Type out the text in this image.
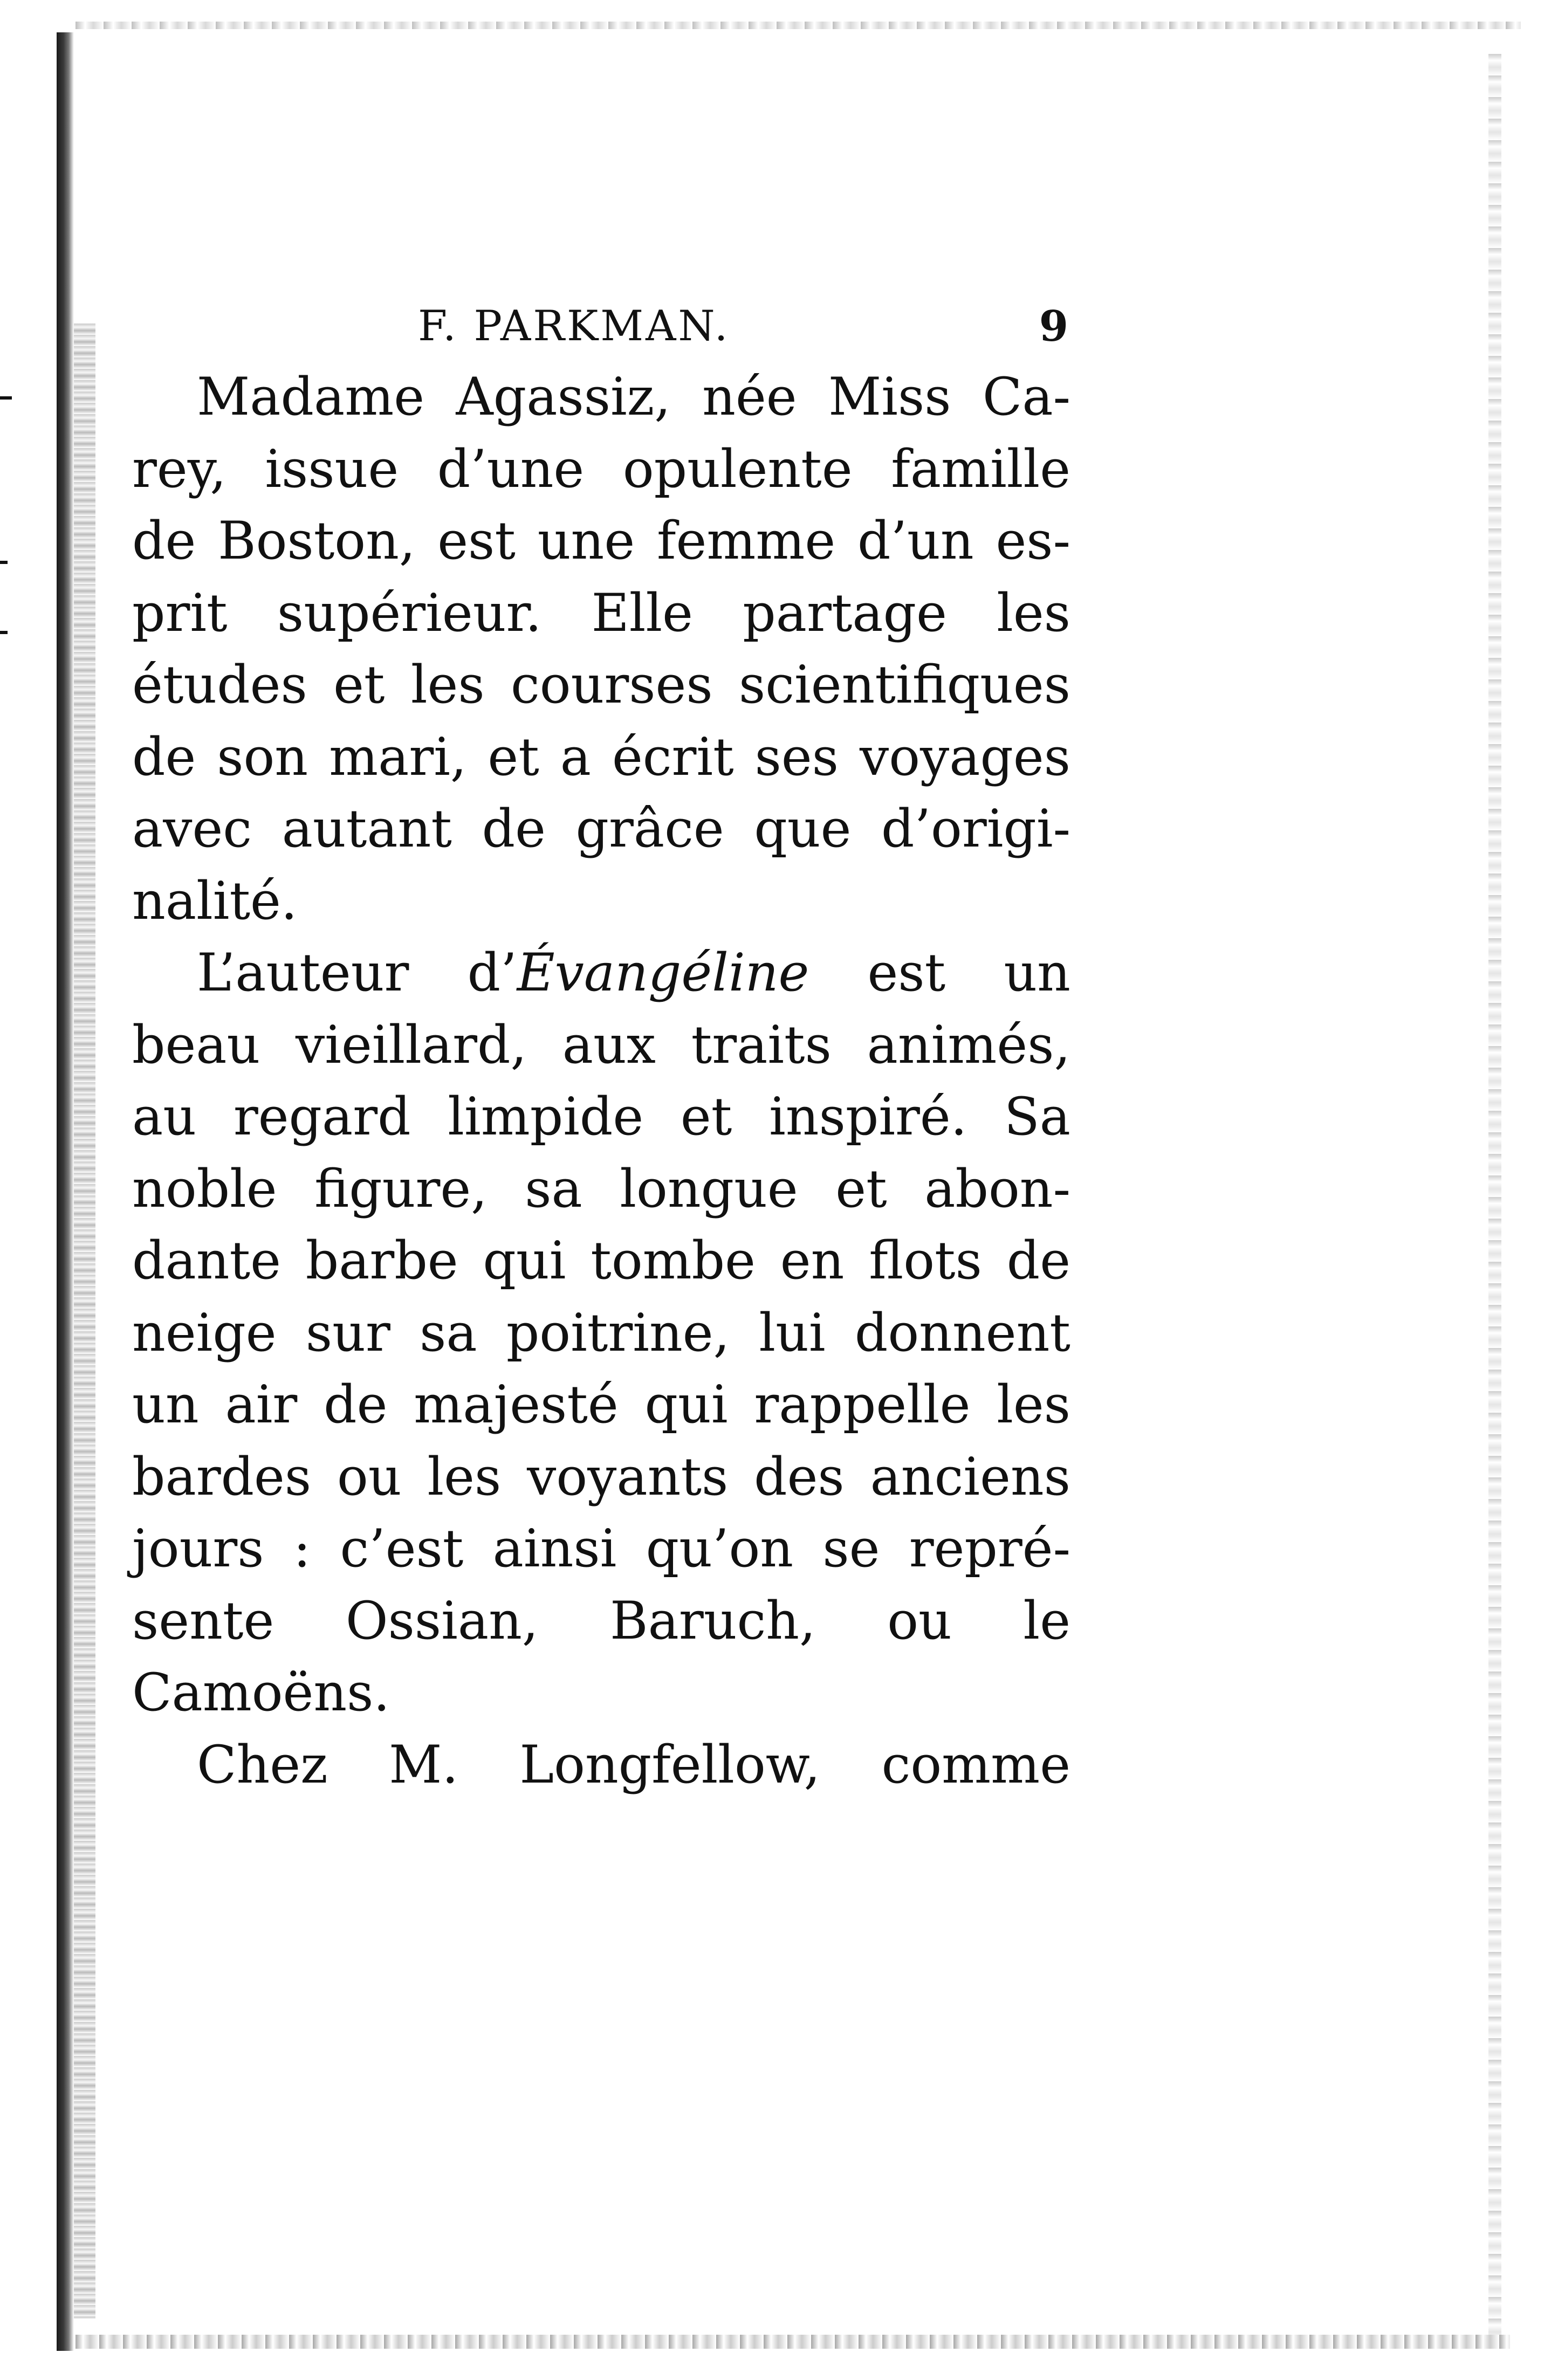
F. PARKMAN.	9
Madame Agassiz, née Miss Ca-
rey, issue d’une opulente famille
de Boston, est une femme d’un es-
prit supérieur. Elle partage les
études et les courses scientifiques
de son mari, et a écrit ses voyages
avec autant de grâce que d’origi-
nalité.
L’auteur d’Évangéline est un
beau vieillard, aux traits animés,
au regard limpide et inspiré. Sa
noble figure, sa longue et abon-
dante barbe qui tombe en flots de
neige sur sa poitrine, lui donnent
un air de majesté qui rappelle les
bardes ou les voyants des anciens
jours : c’est ainsi qu’on se repré-
sente Ossian, Baruch, ou le
Camoëns.
Chez M. Longfellow, comme
